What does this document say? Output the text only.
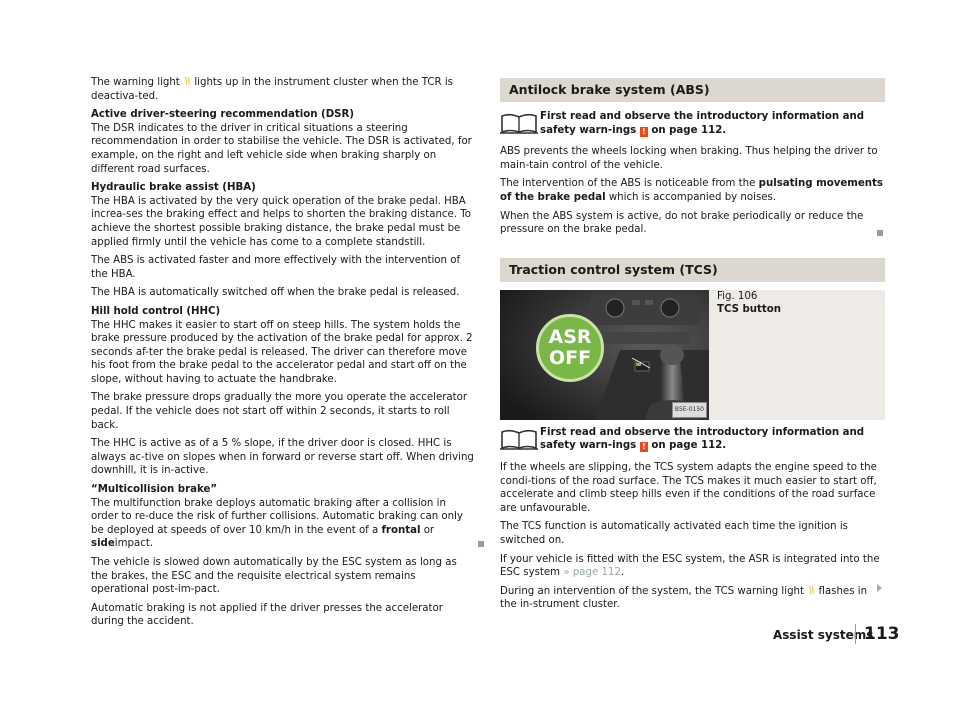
The warning light lights up in the instrument cluster when the TCR is deactiva-ted.

Active driver-steering recommendation (DSR)

The DSR indicates to the driver in critical situations a steering recommendation in order to stabilise the vehicle. The DSR is activated, for example, on the right and left vehicle side when braking sharply on different road surfaces.

Hydraulic brake assist (HBA)

The HBA is activated by the very quick operation of the brake pedal. HBA increa-ses the braking effect and helps to shorten the braking distance. To achieve the shortest possible braking distance, the brake pedal must be applied firmly until the vehicle has come to a complete standstill.

The ABS is activated faster and more effectively with the intervention of the HBA.

The HBA is automatically switched off when the brake pedal is released.

Hill hold control (HHC)

The HHC makes it easier to start off on steep hills. The system holds the brake pressure produced by the activation of the brake pedal for approx. 2 seconds af-ter the brake pedal is released. The driver can therefore move his foot from the brake pedal to the accelerator pedal and start off on the slope, without having to actuate the handbrake.

The brake pressure drops gradually the more you operate the accelerator pedal. If the vehicle does not start off within 2 seconds, it starts to roll back.

The HHC is active as of a 5 % slope, if the driver door is closed. HHC is always ac-tive on slopes when in forward or reverse start off. When driving downhill, it is in-active.

“Multicollision brake”

The multifunction brake deploys automatic braking after a collision in order to re-duce the risk of further collisions. Automatic braking can only be deployed at speeds of over 10 km/h in the event of a frontal or sideimpact.

The vehicle is slowed down automatically by the ESC system as long as the brakes, the ESC and the requisite electrical system remains operational post-im-pact.

Automatic braking is not applied if the driver presses the accelerator during the accident.

Antilock brake system (ABS)
First read and observe the introductory information and safety warn-ings ! on page 112.

ABS prevents the wheels locking when braking. Thus helping the driver to main-tain control of the vehicle.

The intervention of the ABS is noticeable from the pulsating movements of the brake pedal which is accompanied by noises.

When the ABS system is active, do not brake periodically or reduce the pressure on the brake pedal.

Traction control system (TCS)
ASR
OFF
B5E-0150
Fig. 106
TCS button
First read and observe the introductory information and safety warn-ings ! on page 112.

If the wheels are slipping, the TCS system adapts the engine speed to the condi-tions of the road surface. The TCS makes it much easier to start off, accelerate and climb steep hills even if the conditions of the road surface are unfavourable.

The TCS function is automatically activated each time the ignition is switched on.

If your vehicle is fitted with the ESC system, the ASR is integrated into the ESC system » page 112.

During an intervention of the system, the TCS warning light flashes in the in-strument cluster.

Assist systems
113
